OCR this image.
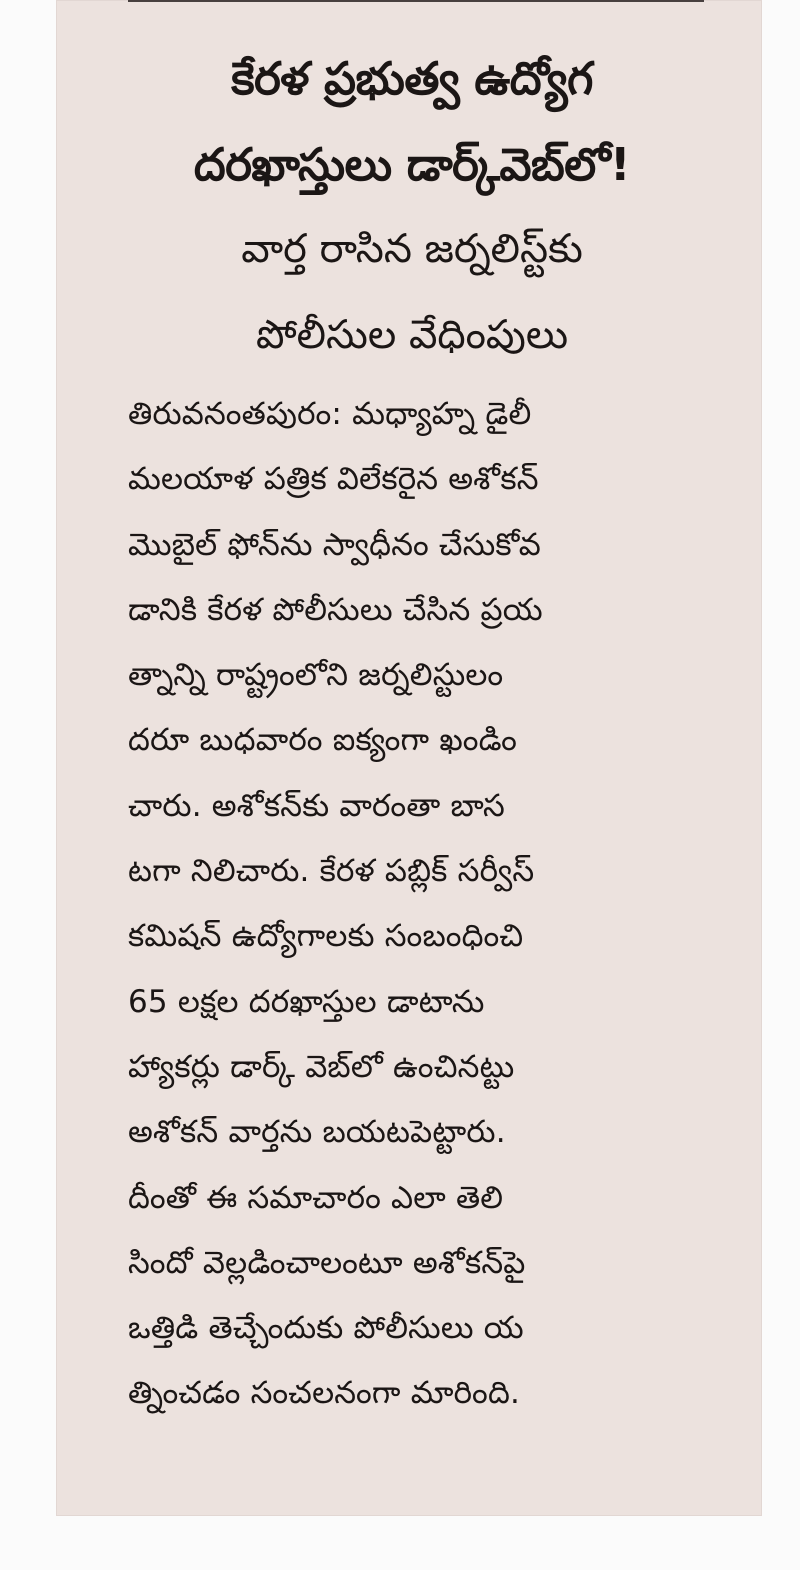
కేరళ ప్రభుత్వ ఉద్యోగ
దరఖాస్తులు డార్క్‌వెబ్‌లో!
వార్త రాసిన జర్నలిస్ట్‌కు
పోలీసుల వేధింపులు
తిరువనంతపురం: మధ్యాహ్న డైలీ
మలయాళ పత్రిక విలేకరైన అశోకన్
మొబైల్ ఫోన్‌ను స్వాధీనం చేసుకోవ
డానికి కేరళ పోలీసులు చేసిన ప్రయ
త్నాన్ని రాష్ట్రంలోని జర్నలిస్టులం
దరూ బుధవారం ఐక్యంగా ఖండిం
చారు. అశోకన్‌కు వారంతా బాస
టగా నిలిచారు. కేరళ పబ్లిక్ సర్వీస్
కమిషన్ ఉద్యోగాలకు సంబంధించి
65 లక్షల దరఖాస్తుల డాటాను
హ్యాకర్లు డార్క్ వెబ్‌లో ఉంచినట్టు
అశోకన్ వార్తను బయటపెట్టారు.
దీంతో ఈ సమాచారం ఎలా తెలి
సిందో వెల్లడించాలంటూ అశోకన్‌పై
ఒత్తిడి తెచ్చేందుకు పోలీసులు య
త్నించడం సంచలనంగా మారింది.
